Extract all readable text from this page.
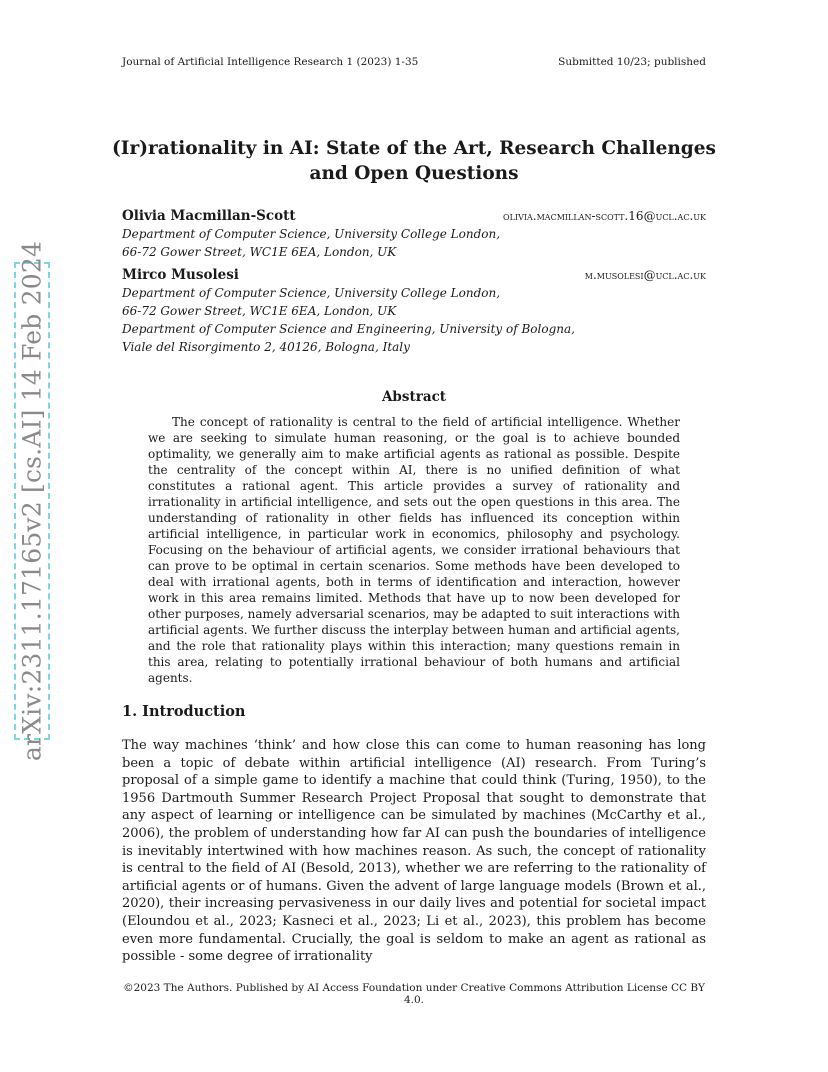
Journal of Artificial Intelligence Research 1 (2023) 1-35	Submitted 10/23; published
arXiv:2311.17165v2 [cs.AI] 14 Feb 2024
(Ir)rationality in AI: State of the Art, Research Challenges and Open Questions
Olivia Macmillan-Scott	olivia.macmillan-scott.16@ucl.ac.uk
Department of Computer Science, University College London,
66-72 Gower Street, WC1E 6EA, London, UK
Mirco Musolesi	m.musolesi@ucl.ac.uk
Department of Computer Science, University College London,
66-72 Gower Street, WC1E 6EA, London, UK
Department of Computer Science and Engineering, University of Bologna,
Viale del Risorgimento 2, 40126, Bologna, Italy
Abstract

The concept of rationality is central to the field of artificial intelligence. Whether we are seeking to simulate human reasoning, or the goal is to achieve bounded optimality, we generally aim to make artificial agents as rational as possible. Despite the centrality of the concept within AI, there is no unified definition of what constitutes a rational agent. This article provides a survey of rationality and irrationality in artificial intelligence, and sets out the open questions in this area. The understanding of rationality in other fields has influenced its conception within artificial intelligence, in particular work in economics, philosophy and psychology. Focusing on the behaviour of artificial agents, we consider irrational behaviours that can prove to be optimal in certain scenarios. Some methods have been developed to deal with irrational agents, both in terms of identification and interaction, however work in this area remains limited. Methods that have up to now been developed for other purposes, namely adversarial scenarios, may be adapted to suit interactions with artificial agents. We further discuss the interplay between human and artificial agents, and the role that rationality plays within this interaction; many questions remain in this area, relating to potentially irrational behaviour of both humans and artificial agents.

1. Introduction

The way machines ‘think’ and how close this can come to human reasoning has long been a topic of debate within artificial intelligence (AI) research. From Turing’s proposal of a simple game to identify a machine that could think (Turing, 1950), to the 1956 Dartmouth Summer Research Project Proposal that sought to demonstrate that any aspect of learning or intelligence can be simulated by machines (McCarthy et al., 2006), the problem of understanding how far AI can push the boundaries of intelligence is inevitably intertwined with how machines reason. As such, the concept of rationality is central to the field of AI (Besold, 2013), whether we are referring to the rationality of artificial agents or of humans. Given the advent of large language models (Brown et al., 2020), their increasing pervasiveness in our daily lives and potential for societal impact (Eloundou et al., 2023; Kasneci et al., 2023; Li et al., 2023), this problem has become even more fundamental. Crucially, the goal is seldom to make an agent as rational as possible - some degree of irrationality

©2023 The Authors. Published by AI Access Foundation under Creative Commons Attribution License CC BY 4.0.
